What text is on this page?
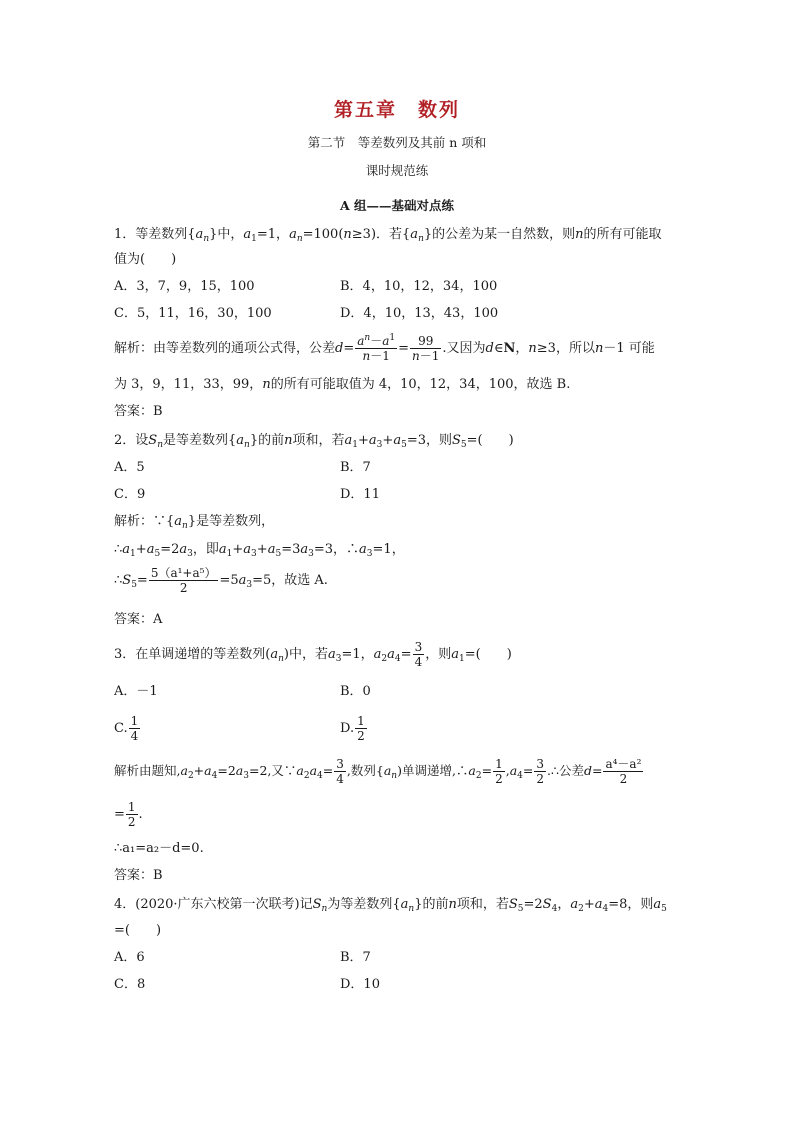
第五章　数列
第二节　等差数列及其前 n 项和
课时规范练
A 组——基础对点练
1．等差数列$\{a_n\}$中，$a_1=1$，$a_n=100(n\ge 3)$．若$\{a_n\}$的公差为某一自然数，则n的所有可能取
值为(　　)
A．3，7，9，15，100	B．4，10，12，34，100
C．5，11，16，30，100	D．4，10，13，43，100
解析：由等差数列的通项公式得，公差$d= \frac{a^n-a^1}{n-1} = \frac{99}{n-1}$ .又因为d∈N，n≥3，所以n－1 可能
为 3，9，11，33，99，n的所有可能取值为 4，10，12，34，100，故选 B.
答案：B
2．设$S_n$是等差数列$\{a_n\}$的前n项和，若$a_1+a_3+a_5=3$，则$S_5=$(　　)
A．5	B．7
C．9	D．11
解析：$\because\{a_n\}$是等差数列，
$\therefore a_1+a_5=2a_3$，即$a_1+a_3+a_5=3a_3=3$，$\therefore a_3=1$，
$\therefore S_5= \frac{\text{5（a¹+a⁵）}}{2} =5a_3=5$，故选 A.
答案：A
3．在单调递增的等差数列$(a_n)$中，若$a_3=1$，$a_2a_4= \frac{3}{4}$ ，则$a_1=$(　　)
A．－1	B．0
C. $\frac{1}{4}$	D. $\frac{1}{2}$
解析由题知$,a_2+a_4=2a_3=2$,又$\because a_2a_4= \frac{3}{4}$ ,数列$\{a_n)$单调递增$,\therefore a_2= \frac{1}{2} ,a_4= \frac{3}{2}$ .∴公差$d= \frac{\text{a⁴－a²}}{2}$
= $\frac{1}{2}$ .
∴a₁=a₂－d=0.
答案：B
4．(2020·广东六校第一次联考)记$S_n$为等差数列$\{a_n\}$的前n项和，若$S_5=2S_4$，$a_2+a_4=8$，则$a_5$
=(　　)
A．6	B．7
C．8	D．10
